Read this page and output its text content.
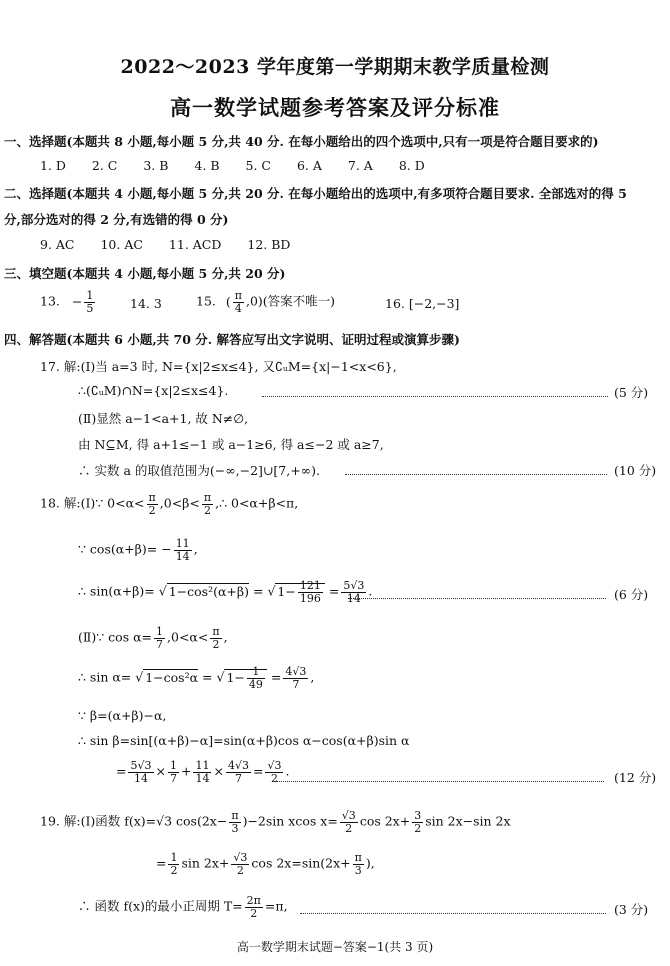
2022～2023 学年度第一学期期末教学质量检测
高一数学试题参考答案及评分标准
一、选择题(本题共 8 小题,每小题 5 分,共 40 分. 在每小题给出的四个选项中,只有一项是符合题目要求的)
1. D 2. C 3. B 4. B 5. C 6. A 7. A 8. D
二、选择题(本题共 4 小题,每小题 5 分,共 20 分. 在每小题给出的选项中,有多项符合题目要求. 全部选对的得 5
分,部分选对的得 2 分,有选错的得 0 分)
9. AC 10. AC 11. ACD 12. BD
三、填空题(本题共 4 小题,每小题 5 分,共 20 分)
13. − $\frac{1}{5}$	14. 3	15. ( $\frac{\pi}{4} ,0$)(答案不唯一)	16. [−2,−3]
四、解答题(本题共 6 小题,共 70 分. 解答应写出文字说明、证明过程或演算步骤)
17. 解:(Ⅰ)当 a=3 时, N={x|2≤x≤4}, 又∁ᵤM={x|−1<x<6},
∴(∁ᵤM)∩N={x|2≤x≤4}.	(5 分)
(Ⅱ)显然 a−1<a+1, 故 N≠∅,
由 N⊆M, 得 a+1≤−1 或 a−1≥6, 得 a≤−2 或 a≥7,
∴ 实数 a 的取值范围为(−∞,−2]∪[7,+∞).	(10 分)
18. 解:(Ⅰ)∵ $0<\alpha< \frac{\pi}{2} ,0<\beta< \frac{\pi}{2}$ ,∴ 0<α+β<π,
∵ $\cos(\alpha+\beta)= - \frac{11}{14}$ ,
∴ sin(α+β)= √ 1−cos²(α+β) = √ $1- \frac{121}{196} = \frac{5√3}{14}$ .	(6 分)
(Ⅱ)∵ $\cos \alpha= \frac{1}{7} ,0<\alpha< \frac{\pi}{2}$ ,
∴ sin α= √ 1−cos²α = √ $1- \frac{1}{49} = \frac{4√3}{7}$ ,
∵ β=(α+β)−α,
∴ sin β=sin[(α+β)−α]=sin(α+β)cos α−cos(α+β)sin α
= $\frac{5√3}{14} \times \frac{1}{7} + \frac{11}{14} \times \frac{4√3}{7} = \frac{√3}{2}$ .	(12 分)
19. 解:(Ⅰ)函数 f(x)=√3 $\cos(2x- \frac{\pi}{3} )-2\sin$ xcos $x= \frac{√3}{2}$ $\cos 2x+ \frac{3}{2}$ sin 2x−sin 2x
= $\frac{1}{2}$ $\sin 2x+ \frac{√3}{2}$ $\cos 2x=\sin(2x+ \frac{\pi}{3}$ ),
∴ 函数 f(x)的最小正周期 $T= \frac{2\pi}{2} =\pi$,	(3 分)
高一数学期末试题−答案−1(共 3 页)
